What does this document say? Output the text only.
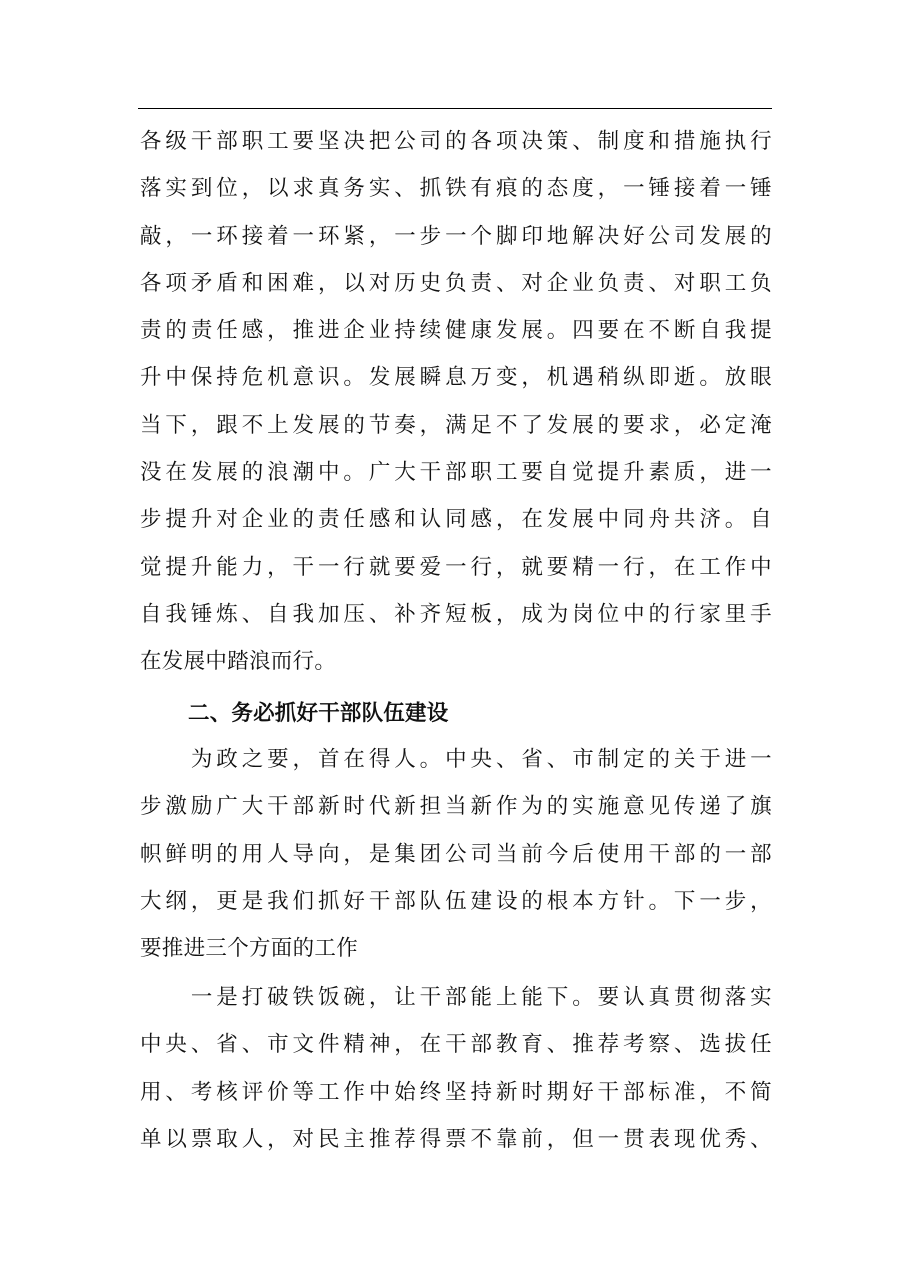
各级干部职工要坚决把公司的各项决策、制度和措施执行
落实到位，以求真务实、抓铁有痕的态度，一锤接着一锤
敲，一环接着一环紧，一步一个脚印地解决好公司发展的
各项矛盾和困难，以对历史负责、对企业负责、对职工负
责的责任感，推进企业持续健康发展。四要在不断自我提
升中保持危机意识。发展瞬息万变，机遇稍纵即逝。放眼
当下，跟不上发展的节奏，满足不了发展的要求，必定淹
没在发展的浪潮中。广大干部职工要自觉提升素质，进一
步提升对企业的责任感和认同感，在发展中同舟共济。自
觉提升能力，干一行就要爱一行，就要精一行，在工作中
自我锤炼、自我加压、补齐短板，成为岗位中的行家里手
在发展中踏浪而行。
二、务必抓好干部队伍建设
　　为政之要，首在得人。中央、省、市制定的关于进一
步激励广大干部新时代新担当新作为的实施意见传递了旗
帜鲜明的用人导向，是集团公司当前今后使用干部的一部
大纲，更是我们抓好干部队伍建设的根本方针。下一步，
要推进三个方面的工作
　　一是打破铁饭碗，让干部能上能下。要认真贯彻落实
中央、省、市文件精神，在干部教育、推荐考察、选拔任
用、考核评价等工作中始终坚持新时期好干部标准，不简
单以票取人，对民主推荐得票不靠前，但一贯表现优秀、
